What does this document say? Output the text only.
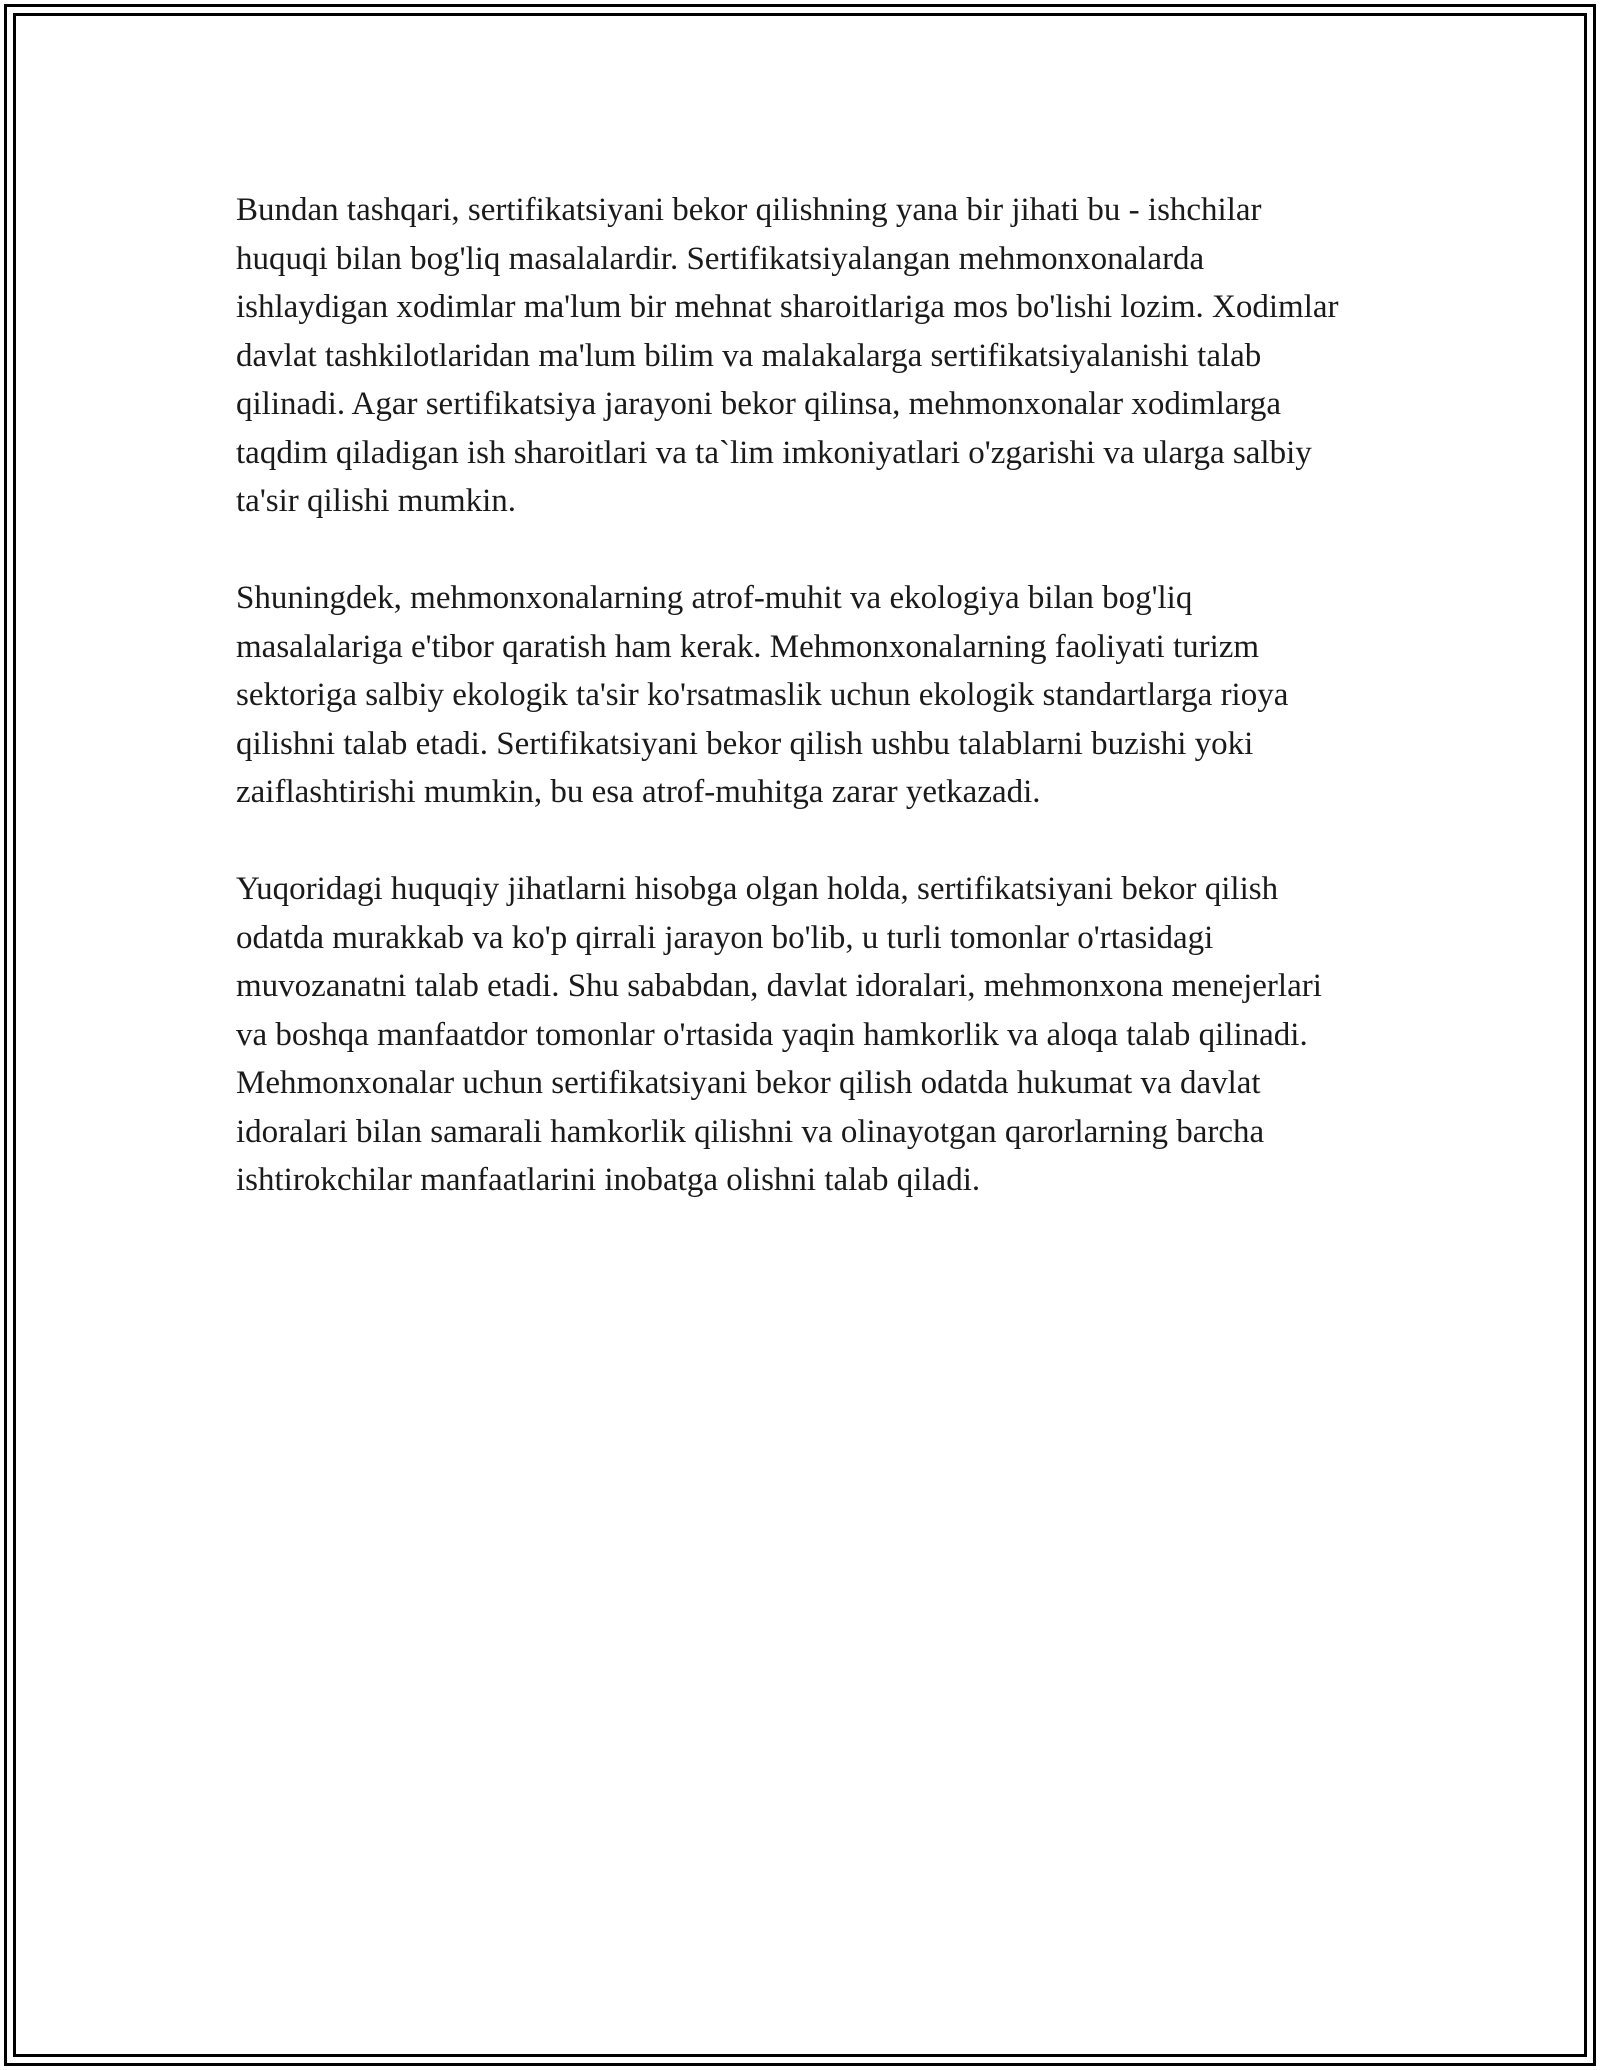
Bundan tashqari, sertifikatsiyani bekor qilishning yana bir jihati bu - ishchilar huquqi bilan bog'liq masalalardir. Sertifikatsiyalangan mehmonxonalarda ishlaydigan xodimlar ma'lum bir mehnat sharoitlariga mos bo'lishi lozim. Xodimlar davlat tashkilotlaridan ma'lum bilim va malakalarga sertifikatsiyalanishi talab qilinadi. Agar sertifikatsiya jarayoni bekor qilinsa, mehmonxonalar xodimlarga taqdim qiladigan ish sharoitlari va ta`lim imkoniyatlari o'zgarishi va ularga salbiy ta'sir qilishi mumkin.

Shuningdek, mehmonxonalarning atrof-muhit va ekologiya bilan bog'liq masalalariga e'tibor qaratish ham kerak. Mehmonxonalarning faoliyati turizm sektoriga salbiy ekologik ta'sir ko'rsatmaslik uchun ekologik standartlarga rioya qilishni talab etadi. Sertifikatsiyani bekor qilish ushbu talablarni buzishi yoki zaiflashtirishi mumkin, bu esa atrof-muhitga zarar yetkazadi.

Yuqoridagi huquqiy jihatlarni hisobga olgan holda, sertifikatsiyani bekor qilish odatda murakkab va ko'p qirrali jarayon bo'lib, u turli tomonlar o'rtasidagi muvozanatni talab etadi. Shu sababdan, davlat idoralari, mehmonxona menejerlari va boshqa manfaatdor tomonlar o'rtasida yaqin hamkorlik va aloqa talab qilinadi. Mehmonxonalar uchun sertifikatsiyani bekor qilish odatda hukumat va davlat idoralari bilan samarali hamkorlik qilishni va olinayotgan qarorlarning barcha ishtirokchilar manfaatlarini inobatga olishni talab qiladi.
